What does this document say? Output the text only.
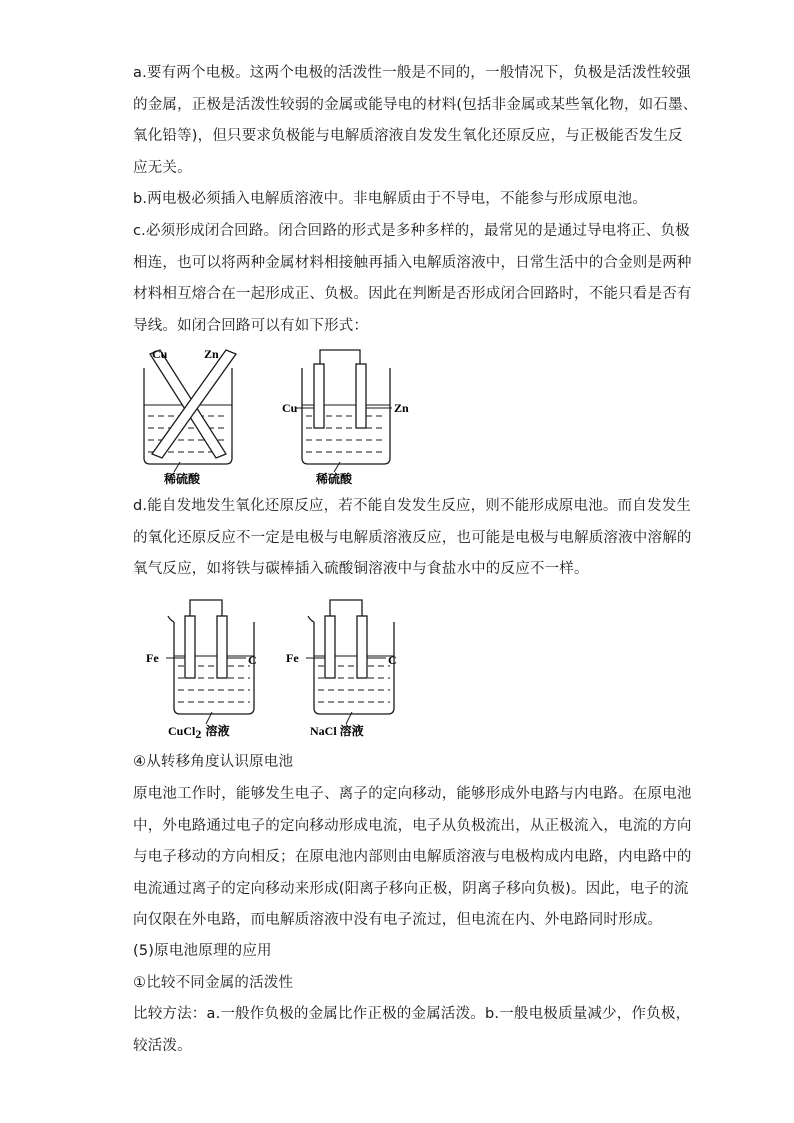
a.要有两个电极。这两个电极的活泼性一般是不同的，一般情况下，负极是活泼性较强
的金属，正极是活泼性较弱的金属或能导电的材料(包括非金属或某些氧化物，如石墨、
氧化铅等)，但只要求负极能与电解质溶液自发发生氧化还原反应，与正极能否发生反
应无关。
b.两电极必须插入电解质溶液中。非电解质由于不导电，不能参与形成原电池。
c.必须形成闭合回路。闭合回路的形式是多种多样的，最常见的是通过导电将正、负极
相连，也可以将两种金属材料相接触再插入电解质溶液中，日常生活中的合金则是两种
材料相互熔合在一起形成正、负极。因此在判断是否形成闭合回路时，不能只看是否有
导线。如闭合回路可以有如下形式：
Cu	Zn
稀硫酸
Cu	Zn
稀硫酸
d.能自发地发生氧化还原反应，若不能自发发生反应，则不能形成原电池。而自发发生
的氧化还原反应不一定是电极与电解质溶液反应，也可能是电极与电解质溶液中溶解的
氧气反应，如将铁与碳棒插入硫酸铜溶液中与食盐水中的反应不一样。
Fe	C
CuCl2 溶液
Fe	C
NaCl 溶液
④从转移角度认识原电池
原电池工作时，能够发生电子、离子的定向移动，能够形成外电路与内电路。在原电池
中，外电路通过电子的定向移动形成电流，电子从负极流出，从正极流入，电流的方向
与电子移动的方向相反；在原电池内部则由电解质溶液与电极构成内电路，内电路中的
电流通过离子的定向移动来形成(阳离子移向正极，阴离子移向负极)。因此，电子的流
向仅限在外电路，而电解质溶液中没有电子流过，但电流在内、外电路同时形成。
(5)原电池原理的应用
①比较不同金属的活泼性
比较方法：a.一般作负极的金属比作正极的金属活泼。b.一般电极质量减少，作负极，
较活泼。
